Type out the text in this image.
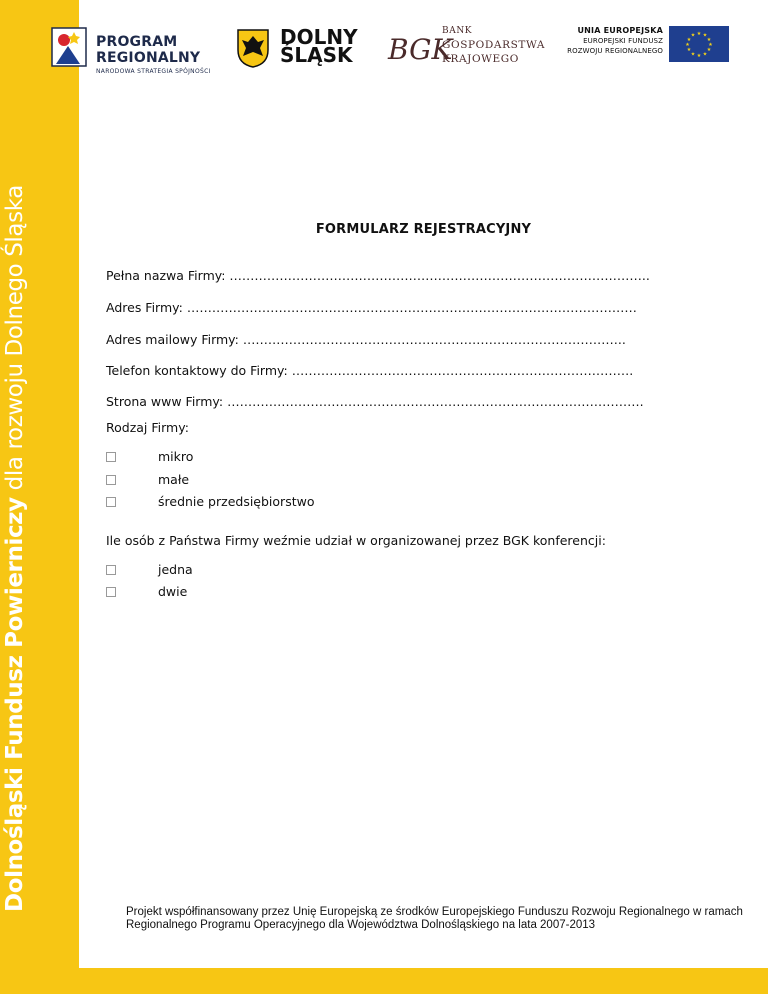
Dolnośląski Fundusz Powierniczy dla rozwoju Dolnego Śląska
PROGRAM
REGIONALNY
NARODOWA STRATEGIA SPÓJNOŚCI
DOLNY
ŚLĄSK BGK
BANK
GOSPODARSTWA
KRAJOWEGO
UNIA EUROPEJSKA
EUROPEJSKI FUNDUSZ
ROZWOJU REGIONALNEGO
★ ★
★
★
★
★
★
★
★
★
★
★
FORMULARZ REJESTRACYJNY
Pełna nazwa Firmy: ………………………………………………………………………………………..
Adres Firmy: ………………………………………………………………………………………………
Adres mailowy Firmy: ………………………………………………………………………………..
Telefon kontaktowy do Firmy: ……………………………………………………………………….
Strona www Firmy: ……………………………………………………………………………………….
Rodzaj Firmy:
mikro
małe
średnie przedsiębiorstwo
Ile osób z Państwa Firmy weźmie udział w organizowanej przez BGK konferencji:
jedna
dwie
Projekt współfinansowany przez Unię Europejską ze środków Europejskiego Funduszu Rozwoju Regionalnego w ramach
Regionalnego Programu Operacyjnego dla Województwa Dolnośląskiego na lata 2007-2013
